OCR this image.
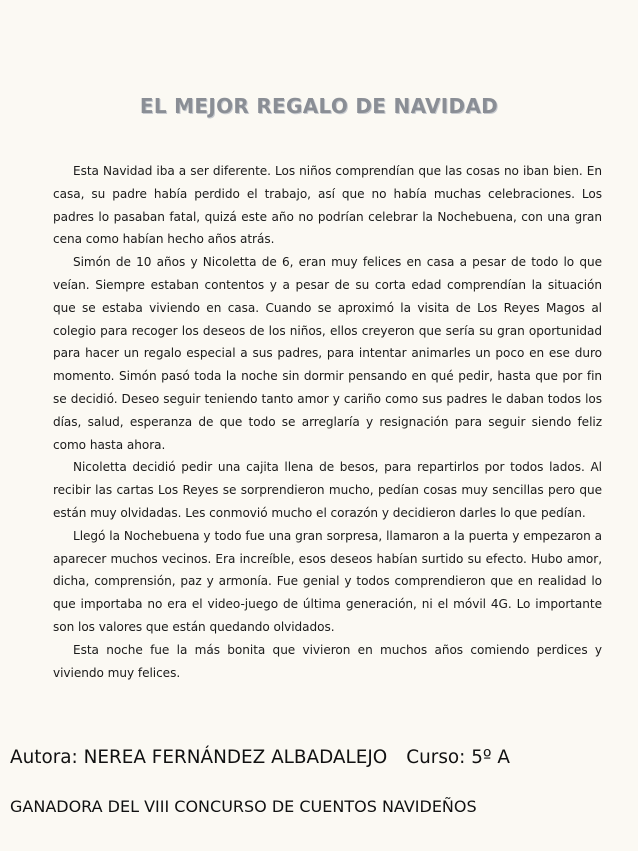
EL MEJOR REGALO DE NAVIDAD

Esta Navidad iba a ser diferente. Los niños comprendían que las cosas no iban bien. En casa, su padre había perdido el trabajo, así que no había muchas celebraciones. Los padres lo pasaban fatal, quizá este año no podrían celebrar la Nochebuena, con una gran cena como habían hecho años atrás.

Simón de 10 años y Nicoletta de 6, eran muy felices en casa a pesar de todo lo que veían. Siempre estaban contentos y a pesar de su corta edad comprendían la situación que se estaba viviendo en casa. Cuando se aproximó la visita de Los Reyes Magos al colegio para recoger los deseos de los niños, ellos creyeron que sería su gran oportunidad para hacer un regalo especial a sus padres, para intentar animarles un poco en ese duro momento. Simón pasó toda la noche sin dormir pensando en qué pedir, hasta que por fin se decidió. Deseo seguir teniendo tanto amor y cariño como sus padres le daban todos los días, salud, esperanza de que todo se arreglaría y resignación para seguir siendo feliz como hasta ahora.

Nicoletta decidió pedir una cajita llena de besos, para repartirlos por todos lados. Al recibir las cartas Los Reyes se sorprendieron mucho, pedían cosas muy sencillas pero que están muy olvidadas. Les conmovió mucho el corazón y decidieron darles lo que pedían.

Llegó la Nochebuena y todo fue una gran sorpresa, llamaron a la puerta y empezaron a aparecer muchos vecinos. Era increíble, esos deseos habían surtido su efecto. Hubo amor, dicha, comprensión, paz y armonía. Fue genial y todos comprendieron que en realidad lo que importaba no era el video-juego de última generación, ni el móvil 4G. Lo importante son los valores que están quedando olvidados.

Esta noche fue la más bonita que vivieron en muchos años comiendo perdices y viviendo muy felices.

Autora: NEREA FERNÁNDEZ ALBADALEJO Curso: 5º A
GANADORA DEL VIII CONCURSO DE CUENTOS NAVIDEÑOS
